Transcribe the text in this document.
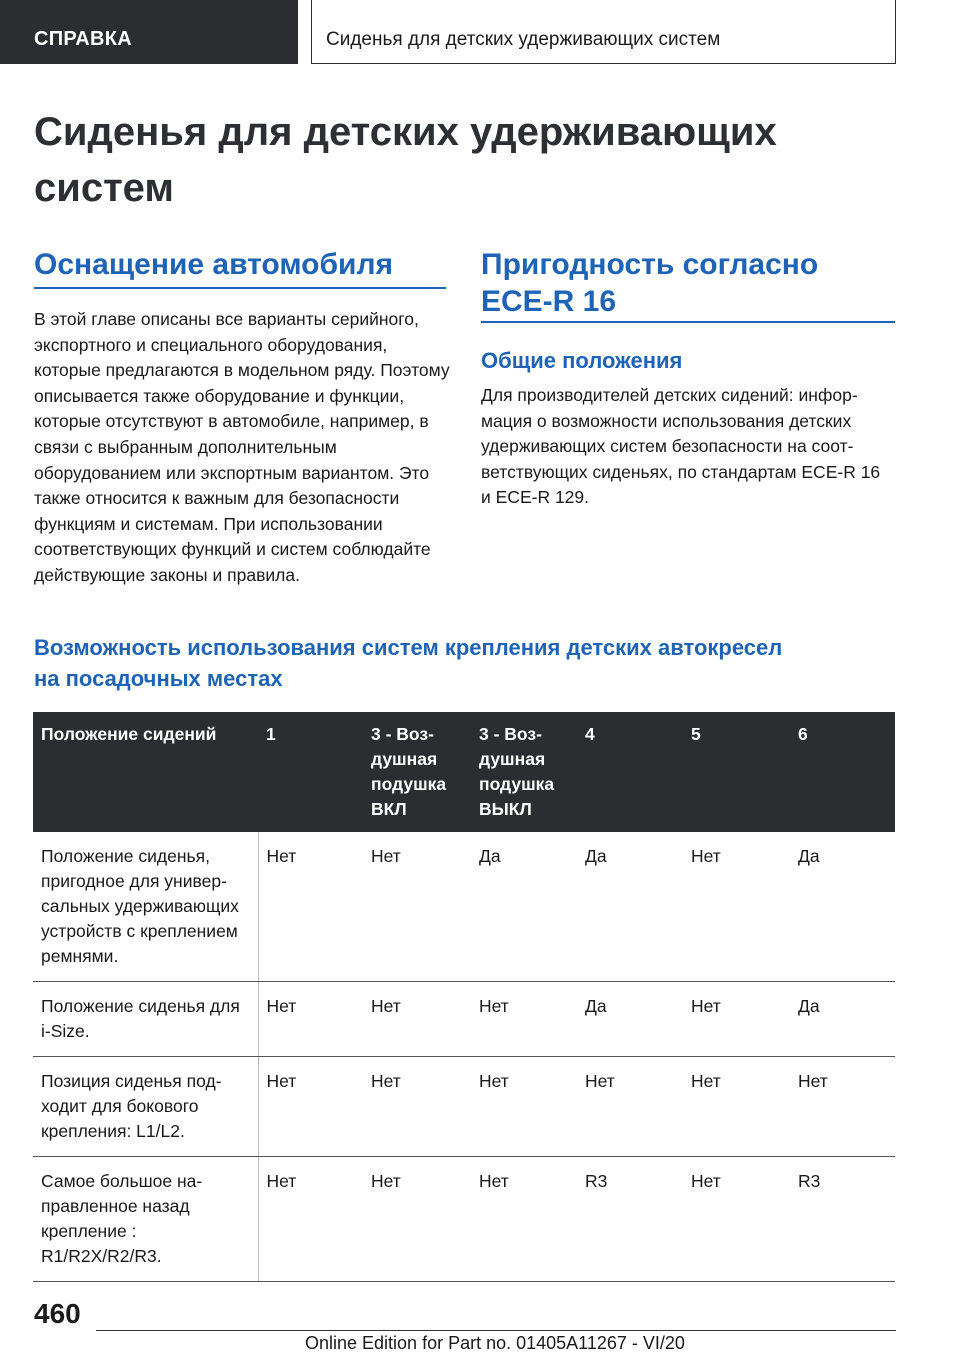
СПРАВКА	Сиденья для детских удерживающих систем
Сиденья для детских удерживающих систем
Оснащение автомобиля

В этой главе описаны все варианты серийного, экспортного и специального оборудования, которые предлагаются в модельном ряду. Поэтому описывается также оборудование и функции, которые отсутствуют в автомобиле, например, в связи с выбранным дополнительным оборудованием или экспортным вариантом. Это также относится к важным для безопасности функциям и системам. При использовании соответствующих функций и систем соблюдайте действующие законы и правила.

Пригодность согласно ECE-R 16
Общие положения

Для производителей детских сидений: информация о возможности использования детских удерживающих систем безопасности на соответствующих сиденьях, по стандартам ECE-R 16 и ECE-R 129.

Возможность использования систем крепления детских автокресел на посадочных местах
Положение сидений	1	3 - Воздушная подушка ВКЛ	3 - Воздушная подушка ВЫКЛ	4	5	6
Положение сиденья, пригодное для универсальных удерживающих устройств с креплением ремнями.	Нет	Нет	Да	Да	Нет	Да
Положение сиденья для i-Size.	Нет	Нет	Нет	Да	Нет	Да
Позиция сиденья подходит для бокового крепления: L1/L2.	Нет	Нет	Нет	Нет	Нет	Нет
Самое большое направленное назад крепление : R1/R2X/R2/R3.	Нет	Нет	Нет	R3	Нет	R3
460
Online Edition for Part no. 01405A11267 - VI/20
